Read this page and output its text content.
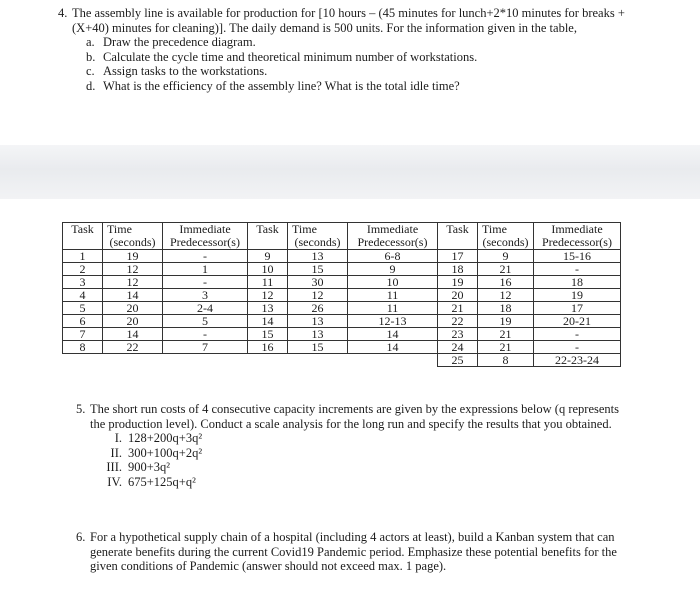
4. The assembly line is available for production for [10 hours – (45 minutes for lunch+2*10 minutes for breaks + (X+40) minutes for cleaning)]. The daily demand is 500 units. For the information given in the table,
a. Draw the precedence diagram.
b. Calculate the cycle time and theoretical minimum number of workstations.
c. Assign tasks to the workstations.
d. What is the efficiency of the assembly line? What is the total idle time?
Task	Time	Immediate	Task	Time	Immediate	Task	Time	Immediate
	(seconds)	Predecessor(s)		(seconds)	Predecessor(s)		(seconds)	Predecessor(s)
1	19	-	9	13	6-8	17	9	15-16
2	12	1	10	15	9	18	21	-
3	12	-	11	30	10	19	16	18
4	14	3	12	12	11	20	12	19
5	20	2-4	13	26	11	21	18	17
6	20	5	14	13	12-13	22	19	20-21
7	14	-	15	13	14	23	21	-
8	22	7	16	15	14	24	21	-
						25	8	22-23-24
5. The short run costs of 4 consecutive capacity increments are given by the expressions below (q represents the production level). Conduct a scale analysis for the long run and specify the results that you obtained.
I. 128+200q+3q²
II. 300+100q+2q²
III. 900+3q²
IV. 675+125q+q²
6. For a hypothetical supply chain of a hospital (including 4 actors at least), build a Kanban system that can generate benefits during the current Covid19 Pandemic period. Emphasize these potential benefits for the given conditions of Pandemic (answer should not exceed max. 1 page).
